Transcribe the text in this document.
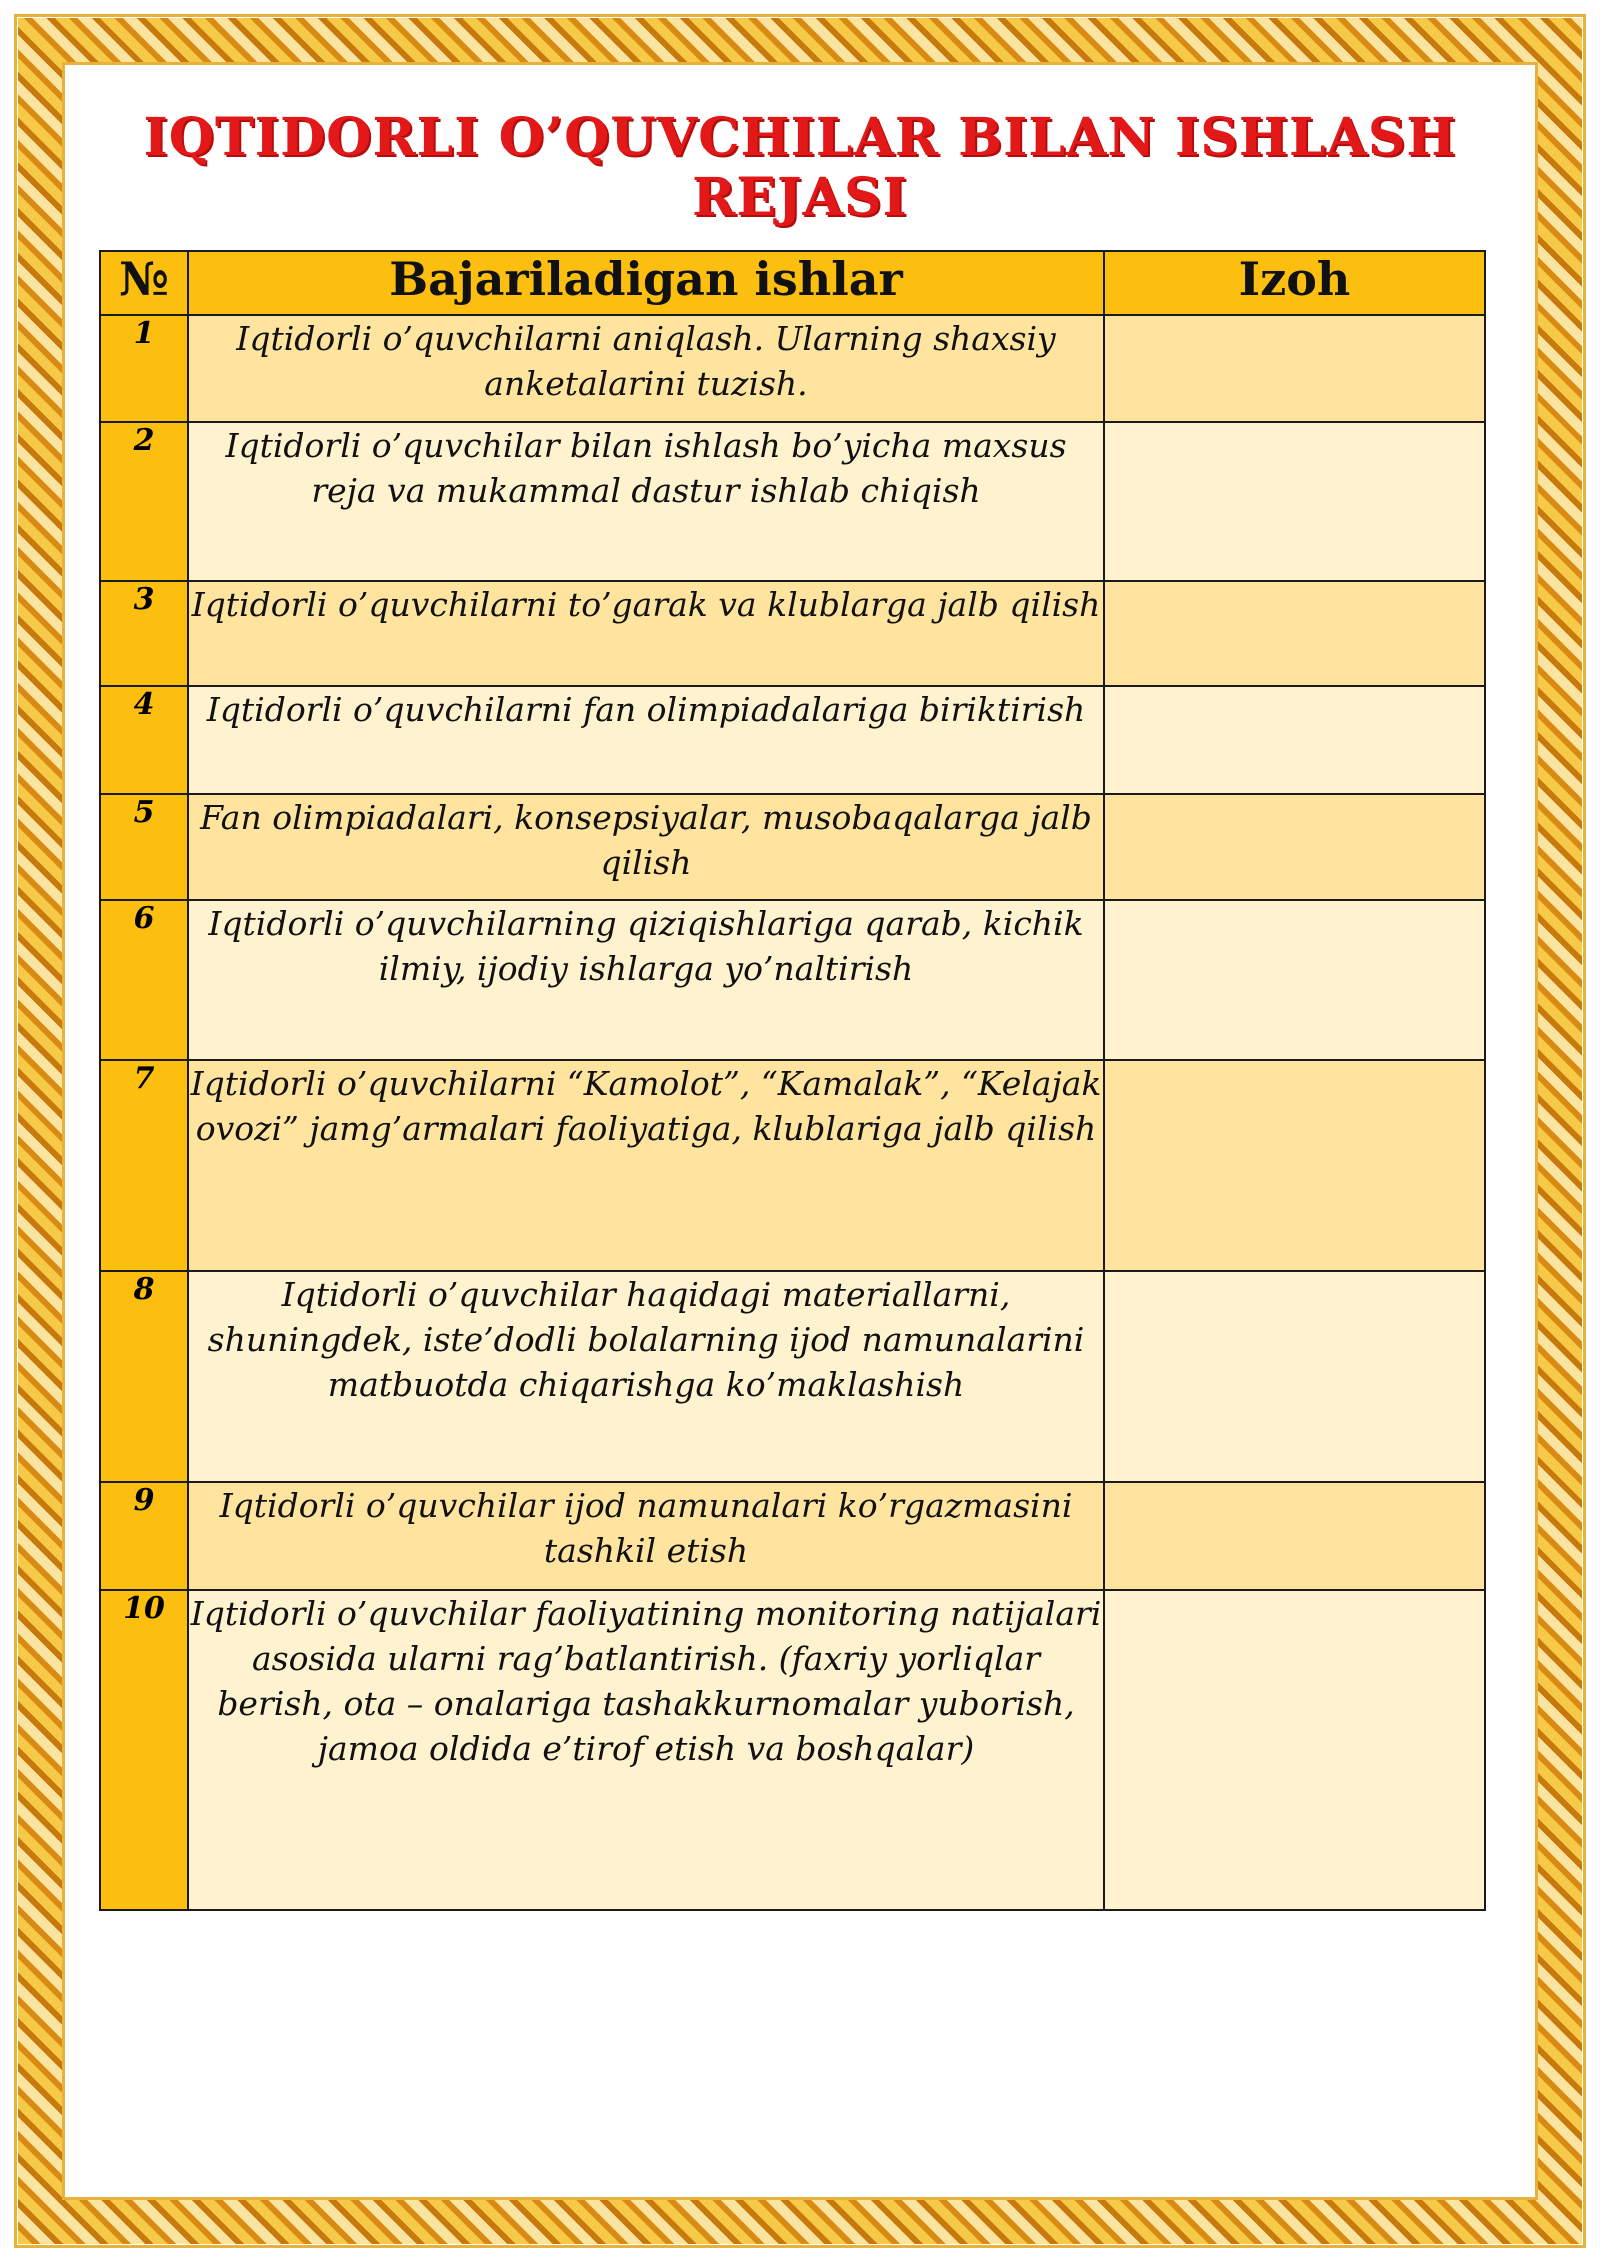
IQTIDORLI O’QUVCHILAR BILAN ISHLASH REJASI
№	Bajariladigan ishlar	Izoh
1	Iqtidorli o’quvchilarni aniqlash. Ularning shaxsiy anketalarini tuzish.	
2	Iqtidorli o’quvchilar bilan ishlash bo’yicha maxsus reja va mukammal dastur ishlab chiqish	
3	Iqtidorli o’quvchilarni to’garak va klublarga jalb qilish	
4	Iqtidorli o’quvchilarni fan olimpiadalariga biriktirish	
5	Fan olimpiadalari, konsepsiyalar, musobaqalarga jalb qilish	
6	Iqtidorli o’quvchilarning qiziqishlariga qarab, kichik ilmiy, ijodiy ishlarga yo’naltirish	
7	Iqtidorli o’quvchilarni “Kamolot”, “Kamalak”, “Kelajak ovozi” jamg’armalari faoliyatiga, klublariga jalb qilish	
8	Iqtidorli o’quvchilar haqidagi materiallarni, shuningdek, iste’dodli bolalarning ijod namunalarini matbuotda chiqarishga ko’maklashish	
9	Iqtidorli o’quvchilar ijod namunalari ko’rgazmasini tashkil etish	
10	Iqtidorli o’quvchilar faoliyatining monitoring natijalari asosida ularni rag’batlantirish. (faxriy yorliqlar berish, ota – onalariga tashakkurnomalar yuborish, jamoa oldida e’tirof etish va boshqalar)	
